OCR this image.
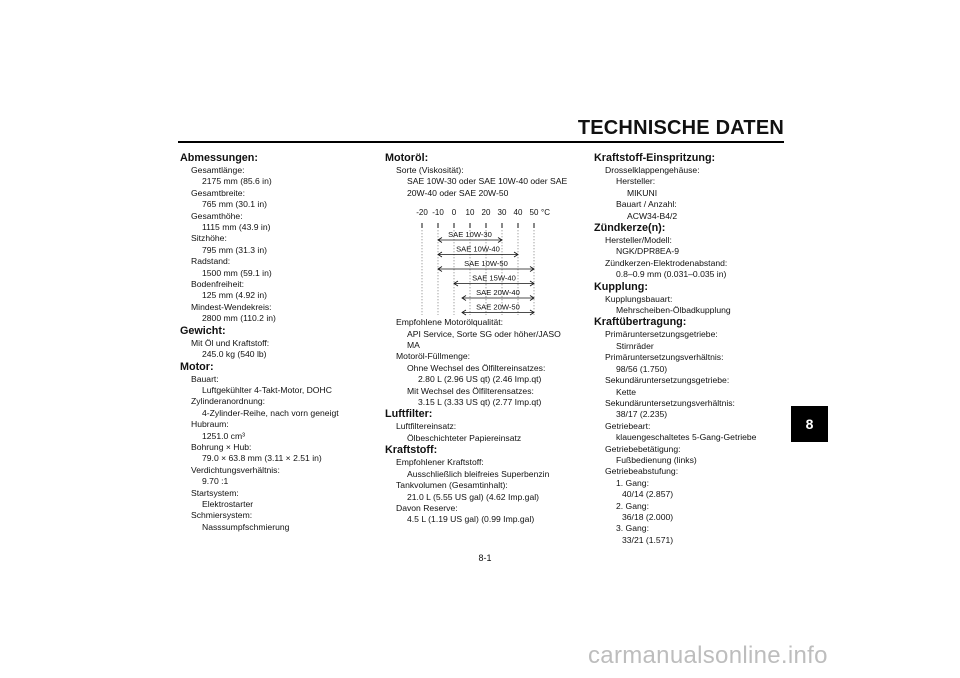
TECHNISCHE DATEN
Abmessungen:
Gesamtlänge:
2175 mm (85.6 in)
Gesamtbreite:
765 mm (30.1 in)
Gesamthöhe:
1115 mm (43.9 in)
Sitzhöhe:
795 mm (31.3 in)
Radstand:
1500 mm (59.1 in)
Bodenfreiheit:
125 mm (4.92 in)
Mindest-Wendekreis:
2800 mm (110.2 in)
Gewicht:
Mit Öl und Kraftstoff:
245.0 kg (540 lb)
Motor:
Bauart:
Luftgekühlter 4-Takt-Motor, DOHC
Zylinderanordnung:
4-Zylinder-Reihe, nach vorn geneigt
Hubraum:
1251.0 cm³
Bohrung × Hub:
79.0 × 63.8 mm (3.11 × 2.51 in)
Verdichtungsverhältnis:
9.70 :1
Startsystem:
Elektrostarter
Schmiersystem:
Nasssumpfschmierung
Motoröl:
Sorte (Viskosität):
SAE 10W-30 oder SAE 10W-40 oder SAE
20W-40 oder SAE 20W-50
-20 -10 0 10 20 30 40 50 °C
SAE 10W-30
SAE 10W-40
SAE 10W-50
SAE 15W-40
SAE 20W-40
SAE 20W-50
Empfohlene Motorölqualität:
API Service, Sorte SG oder höher/JASO
MA
Motoröl-Füllmenge:
Ohne Wechsel des Ölfiltereinsatzes:
2.80 L (2.96 US qt) (2.46 Imp.qt)
Mit Wechsel des Ölfilterensatzes:
3.15 L (3.33 US qt) (2.77 Imp.qt)
Luftfilter:
Luftfiltereinsatz:
Ölbeschichteter Papiereinsatz
Kraftstoff:
Empfohlener Kraftstoff:
Ausschließlich bleifreies Superbenzin
Tankvolumen (Gesamtinhalt):
21.0 L (5.55 US gal) (4.62 Imp.gal)
Davon Reserve:
4.5 L (1.19 US gal) (0.99 Imp.gal)
Kraftstoff-Einspritzung:
Drosselklappengehäuse:
Hersteller:
MIKUNI
Bauart / Anzahl:
ACW34-B4/2
Zündkerze(n):
Hersteller/Modell:
NGK/DPR8EA-9
Zündkerzen-Elektrodenabstand:
0.8–0.9 mm (0.031–0.035 in)
Kupplung:
Kupplungsbauart:
Mehrscheiben-Ölbadkupplung
Kraftübertragung:
Primäruntersetzungsgetriebe:
Stirnräder
Primäruntersetzungsverhältnis:
98/56 (1.750)
Sekundäruntersetzungsgetriebe:
Kette
Sekundäruntersetzungsverhältnis:
38/17 (2.235)
Getriebeart:
klauengeschaltetes 5-Gang-Getriebe
Getriebebetätigung:
Fußbedienung (links)
Getriebeabstufung:
1. Gang:
40/14 (2.857)
2. Gang:
36/18 (2.000)
3. Gang:
33/21 (1.571)
8
8-1
carmanualsonline.info
